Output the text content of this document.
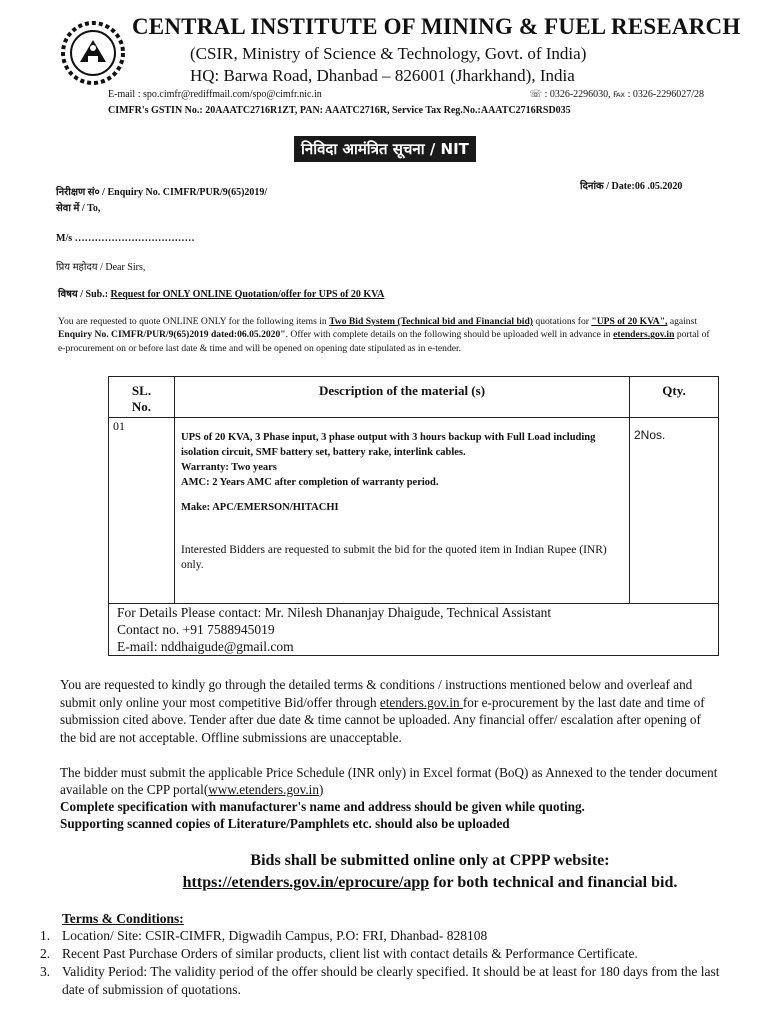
CENTRAL INSTITUTE OF MINING & FUEL RESEARCH
(CSIR, Ministry of Science & Technology, Govt. of India)
HQ: Barwa Road, Dhanbad – 826001 (Jharkhand), India
E-mail : spo.cimfr@rediffmail.com/spo@cimfr.nic.in	☏ : 0326-2296030, ℻ : 0326-2296027/28
CIMFR's GSTIN No.: 20AAATC2716R1ZT, PAN: AAATC2716R, Service Tax Reg.No.:AAATC2716RSD035
निविदा आमंत्रित सूचना / NIT
निरीक्षण सं० / Enquiry No. CIMFR/PUR/9(65)2019/
दिनांक / Date:06 .05.2020
सेवा में / To,
M/s ………………………………
प्रिय महोदय / Dear Sirs,
विषय / Sub.: Request for ONLY ONLINE Quotation/offer for UPS of 20 KVA
You are requested to quote ONLINE ONLY for the following items in Two Bid System (Technical bid and Financial bid) quotations for "UPS of 20 KVA", against Enquiry No. CIMFR/PUR/9(65)2019 dated:06.05.2020". Offer with complete details on the following should be uploaded well in advance in etenders.gov.in portal of e-procurement on or before last date & time and will be opened on opening date stipulated as in e-tender.
SL.
No.	Description of the material (s)	Qty.
01	UPS of 20 KVA, 3 Phase input, 3 phase output with 3 hours backup with Full Load including isolation circuit, SMF battery set, battery rake, interlink cables.
Warranty: Two years
AMC: 2 Years AMC after completion of warranty period.
Make: APC/EMERSON/HITACHI
Interested Bidders are requested to submit the bid for the quoted item in Indian Rupee (INR) only.	2Nos.

For Details Please contact: Mr. Nilesh Dhananjay Dhaigude, Technical Assistant
Contact no. +91 7588945019
E-mail: nddhaigude@gmail.com		
You are requested to kindly go through the detailed terms & conditions / instructions mentioned below and overleaf and submit only online your most competitive Bid/offer through etenders.gov.in for e-procurement by the last date and time of submission cited above. Tender after due date & time cannot be uploaded. Any financial offer/ escalation after opening of the bid are not acceptable. Offline submissions are unacceptable.
The bidder must submit the applicable Price Schedule (INR only) in Excel format (BoQ) as Annexed to the tender document available on the CPP portal(www.etenders.gov.in)
Complete specification with manufacturer's name and address should be given while quoting.
Supporting scanned copies of Literature/Pamphlets etc. should also be uploaded
Bids shall be submitted online only at CPPP website:
https://etenders.gov.in/eprocure/app for both technical and financial bid.
Terms & Conditions:
1. Location/ Site: CSIR-CIMFR, Digwadih Campus, P.O: FRI, Dhanbad- 828108
2. Recent Past Purchase Orders of similar products, client list with contact details & Performance Certificate.
3. Validity Period: The validity period of the offer should be clearly specified. It should be at least for 180 days from the last date of submission of quotations.
